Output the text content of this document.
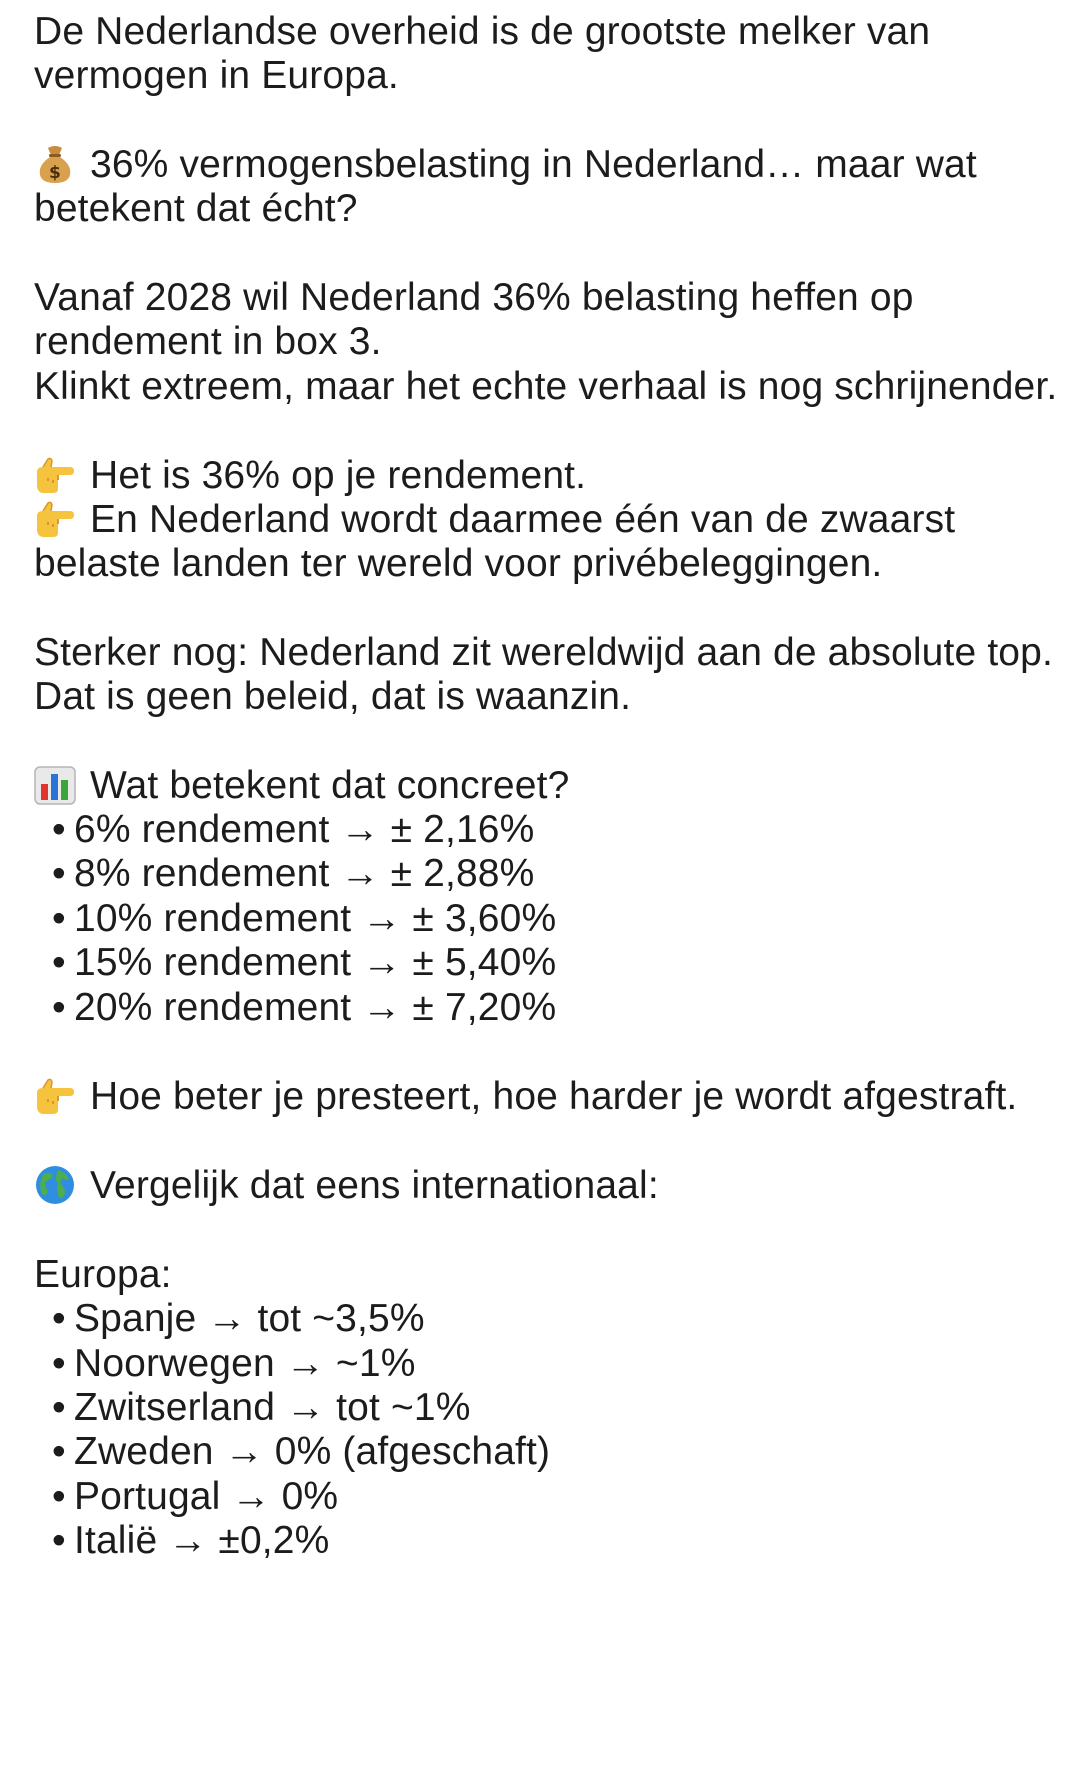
De Nederlandse overheid is de grootste melker van
vermogen in Europa.
$ 36% vermogensbelasting in Nederland… maar wat
betekent dat écht?
Vanaf 2028 wil Nederland 36% belasting heffen op
rendement in box 3.
Klinkt extreem, maar het echte verhaal is nog schrijnender.
Het is 36% op je rendement.
En Nederland wordt daarmee één van de zwaarst
belaste landen ter wereld voor privébeleggingen.
Sterker nog: Nederland zit wereldwijd aan de absolute top.
Dat is geen beleid, dat is waanzin.
Wat betekent dat concreet?
• 6% rendement → ± 2,16%
• 8% rendement → ± 2,88%
• 10% rendement → ± 3,60%
• 15% rendement → ± 5,40%
• 20% rendement → ± 7,20%
Hoe beter je presteert, hoe harder je wordt afgestraft.
Vergelijk dat eens internationaal:
Europa:
• Spanje → tot ~3,5%
• Noorwegen → ~1%
• Zwitserland → tot ~1%
• Zweden → 0% (afgeschaft)
• Portugal → 0%
• Italië → ±0,2%
